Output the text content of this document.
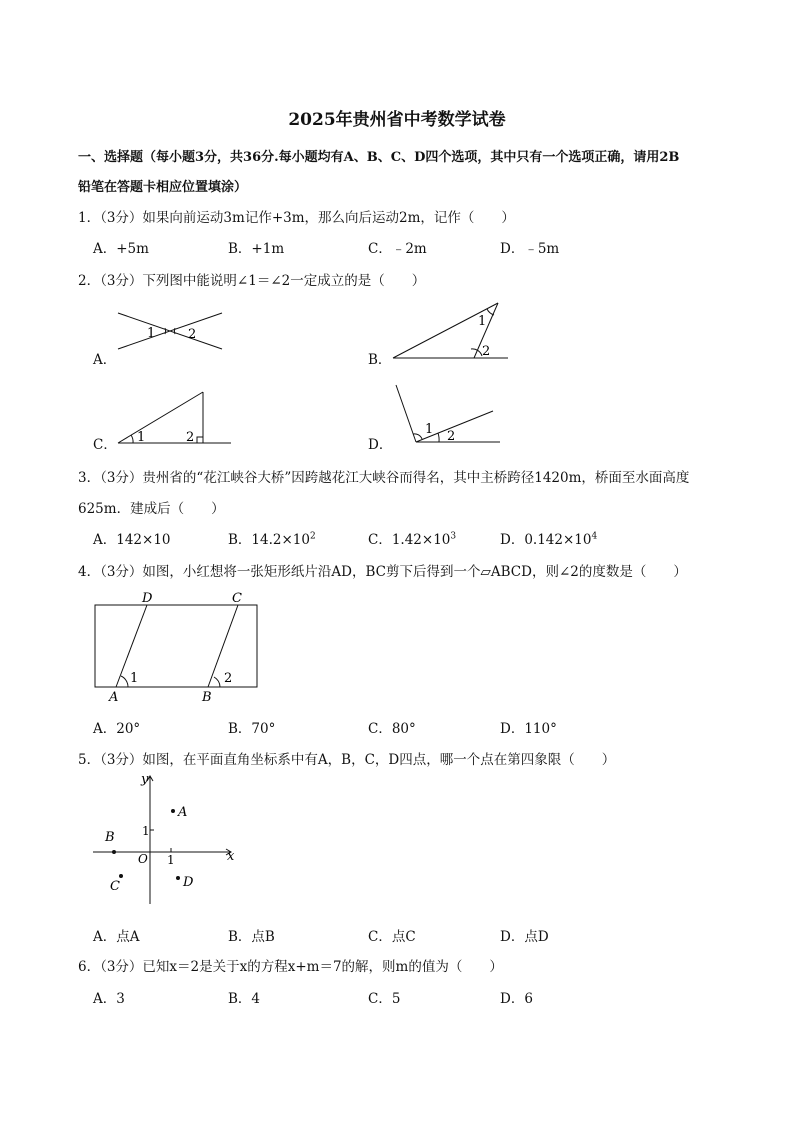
2025年贵州省中考数学试卷
一、选择题（每小题3分，共36分.每小题均有A、B、C、D四个选项，其中只有一个选项正确，请用2B
铅笔在答题卡相应位置填涂）
1．（3分）如果向前运动3m记作+3m，那么向后运动2m，记作（　　）
A．+5m	B．+1m	C．﹣2m	D．﹣5m
2．（3分）下列图中能说明∠1＝∠2一定成立的是（　　）
A．
1	2
B．
1
2
C． 1	2	D．
1 2
3．（3分）贵州省的“花江峡谷大桥”因跨越花江大峡谷而得名，其中主桥跨径1420m，桥面至水面高度
625m．建成后（　　）
A．142×10	B．$14.2\times 10^2$	C．$1.42\times 10^3$	D．$0.142\times 10^4$
4．（3分）如图，小红想将一张矩形纸片沿AD，BC剪下后得到一个▱ABCD，则∠2的度数是（　　）
D	C
A	B
1	2
A．20°	B．70°	C．80°	D．110°
5．（3分）如图，在平面直角坐标系中有A，B，C，D四点，哪一个点在第四象限（　　）
y
x
O
1
1
A
B
C	D
A．点A	B．点B	C．点C	D．点D
6．（3分）已知x＝2是关于x的方程x+m＝7的解，则m的值为（　　）
A．3	B．4	C．5	D．6
